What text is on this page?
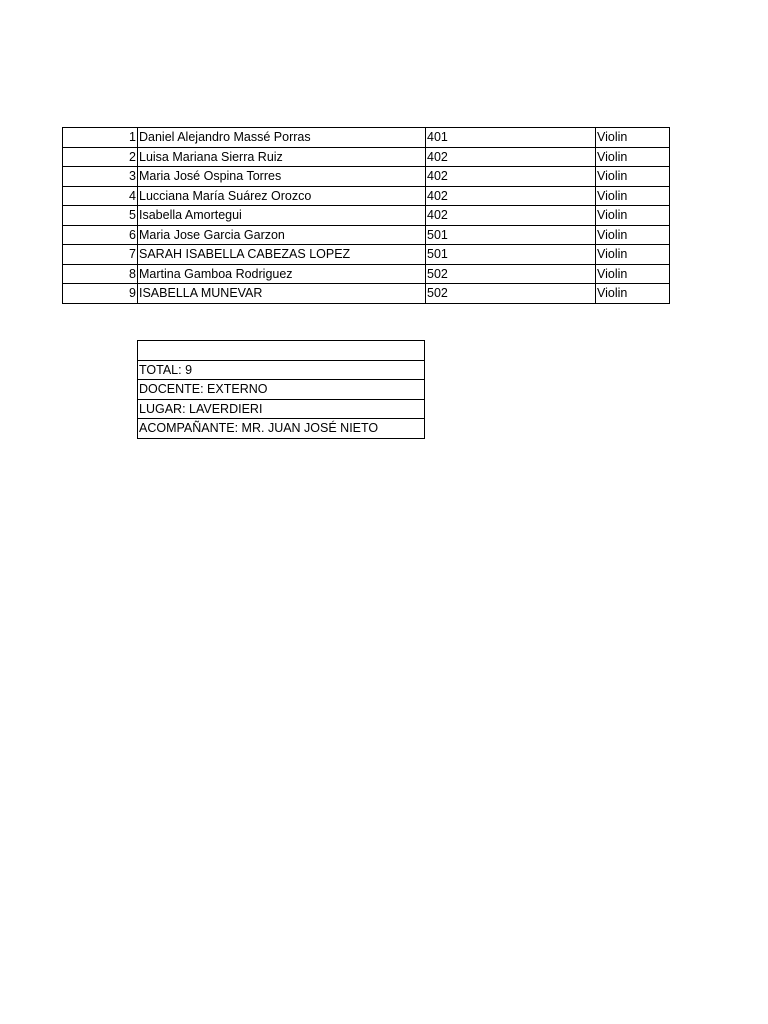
1	Daniel Alejandro Massé Porras	401	Violin
2	Luisa Mariana Sierra Ruiz	402	Violin
3	Maria José Ospina Torres	402	Violin
4	Lucciana María Suárez Orozco	402	Violin
5	Isabella Amortegui	402	Violin
6	Maria Jose Garcia Garzon	501	Violin
7	SARAH ISABELLA CABEZAS LOPEZ	501	Violin
8	Martina Gamboa Rodriguez	502	Violin
9	ISABELLA MUNEVAR	502	Violin

TOTAL: 9
DOCENTE: EXTERNO
LUGAR: LAVERDIERI
ACOMPAÑANTE: MR. JUAN JOSÉ NIETO
